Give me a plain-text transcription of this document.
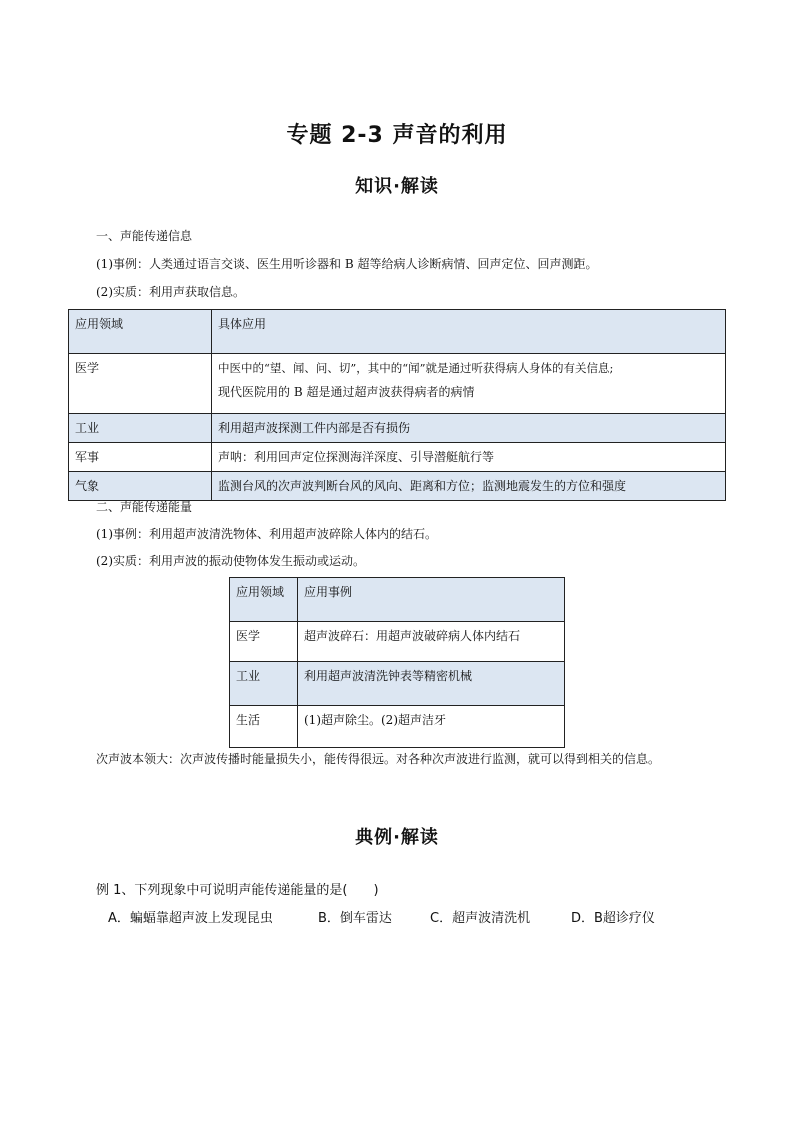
专题 2-3 声音的利用
知识·解读
一、声能传递信息
(1)事例：人类通过语言交谈、医生用听诊器和 B 超等给病人诊断病情、回声定位、回声测距。
(2)实质：利用声获取信息。
应用领域	具体应用
医学	中医中的“望、闻、问、切”，其中的“闻”就是通过听获得病人身体的有关信息;
现代医院用的 B 超是通过超声波获得病者的病情

工业	利用超声波探测工件内部是否有损伤
军事	声呐：利用回声定位探测海洋深度、引导潜艇航行等
气象	监测台风的次声波判断台风的风向、距离和方位；监测地震发生的方位和强度
二、声能传递能量
(1)事例：利用超声波清洗物体、利用超声波碎除人体内的结石。
(2)实质：利用声波的振动使物体发生振动或运动。
应用领域	应用事例
医学	超声波碎石：用超声波破碎病人体内结石
工业	利用超声波清洗钟表等精密机械
生活	(1)超声除尘。(2)超声洁牙
次声波本领大：次声波传播时能量损失小，能传得很远。对各种次声波进行监测，就可以得到相关的信息。
典例·解读
例 1、下列现象中可说明声能传递能量的是(　　)
A．蝙蝠靠超声波上发现昆虫	B．倒车雷达	C．超声波清洗机	D．B超诊疗仪
